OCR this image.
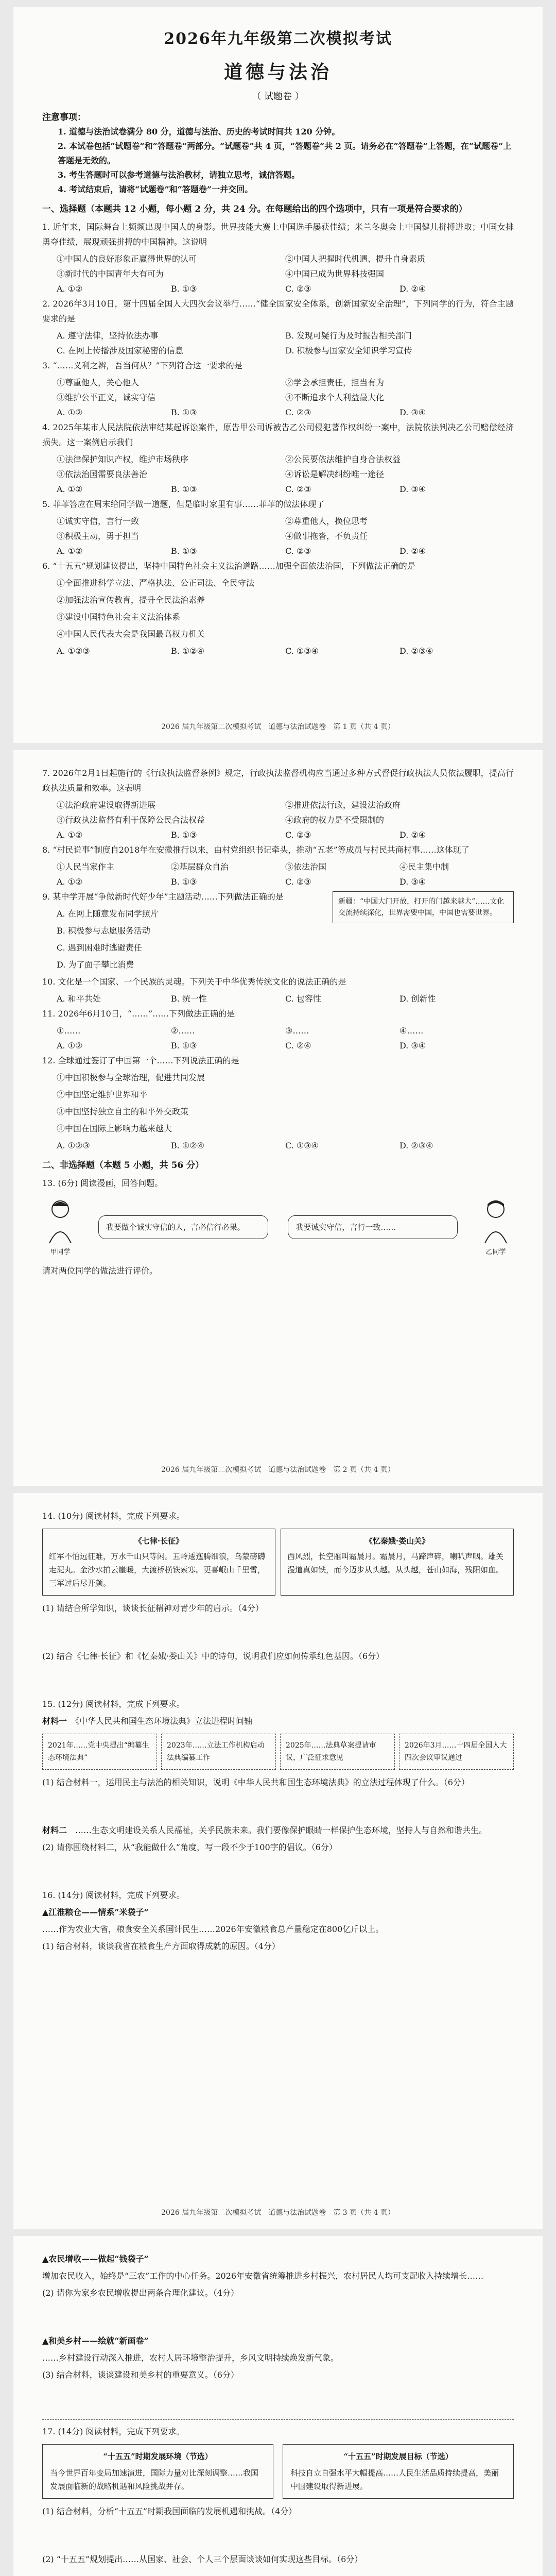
2026年九年级第二次模拟考试
道德与法治
（ 试题卷 ）
注意事项：
1. 道德与法治试卷满分 80 分，道德与法治、历史的考试时间共 120 分钟。
2. 本试卷包括“试题卷”和“答题卷”两部分。“试题卷”共 4 页，“答题卷”共 2 页。请务必在“答题卷”上答题，在“试题卷”上答题是无效的。
3. 考生答题时可以参考道德与法治教材，请独立思考，诚信答题。
4. 考试结束后，请将“试题卷”和“答题卷”一并交回。
一、选择题（本题共 12 小题，每小题 2 分，共 24 分。在每题给出的四个选项中，只有一项是符合要求的）
1. 近年来，国际舞台上频频出现中国人的身影。世界技能大赛上中国选手屡获佳绩；米兰冬奥会上中国健儿拼搏进取；中国女排勇夺佳绩，展现顽强拼搏的中国精神。这说明
①中国人的良好形象正赢得世界的认可	②中国人把握时代机遇、提升自身素质
③新时代的中国青年大有可为	④中国已成为世界科技强国
A. ①②	B. ①③	C. ②③	D. ②④
2. 2026年3月10日，第十四届全国人大四次会议举行……“健全国家安全体系，创新国家安全治理”，下列同学的行为，符合主题要求的是
A. 遵守法律，坚持依法办事	B. 发现可疑行为及时报告相关部门
C. 在网上传播涉及国家秘密的信息	D. 积极参与国家安全知识学习宣传
3. “……义利之辨，吾当何从？”下列符合这一要求的是
①尊重他人，关心他人	②学会承担责任，担当有为
③维护公平正义，诚实守信	④不断追求个人利益最大化
A. ①②	B. ①③	C. ②③	D. ③④
4. 2025年某市人民法院依法审结某起诉讼案件，原告甲公司诉被告乙公司侵犯著作权纠纷一案中，法院依法判决乙公司赔偿经济损失。这一案例启示我们
①法律保护知识产权，维护市场秩序	②公民要依法维护自身合法权益
③依法治国需要良法善治	④诉讼是解决纠纷唯一途径
A. ①②	B. ①③	C. ②③	D. ③④
5. 菲菲答应在周末给同学做一道题，但是临时家里有事……菲菲的做法体现了
①诚实守信，言行一致	②尊重他人，换位思考
③积极主动，勇于担当	④做事拖沓，不负责任
A. ①②	B. ①③	C. ②③	D. ②④
6. “十五五”规划建议提出，坚持中国特色社会主义法治道路……加强全面依法治国，下列做法正确的是
①全面推进科学立法、严格执法、公正司法、全民守法
②加强法治宣传教育，提升全民法治素养
③建设中国特色社会主义法治体系
④中国人民代表大会是我国最高权力机关
A. ①②③	B. ①②④	C. ①③④	D. ②③④
2026 届九年级第二次模拟考试　道德与法治试题卷　第 1 页（共 4 页）
7. 2026年2月1日起施行的《行政执法监督条例》规定，行政执法监督机构应当通过多种方式督促行政执法人员依法履职，提高行政执法质量和效率。这表明
①法治政府建设取得新进展	②推进依法行政，建设法治政府
③行政执法监督有利于保障公民合法权益	④政府的权力是不受限制的
A. ①②	B. ①③	C. ②③	D. ②④
8. “村民说事”制度自2018年在安徽推行以来，由村党组织书记牵头，推动“五老”等成员与村民共商村事……这体现了
①人民当家作主	②基层群众自治	③依法治国	④民主集中制
A. ①②	B. ①③	C. ②③	D. ③④
新疆：“中国大门开放，打开的门越来越大”……文化交流持续深化，世界需要中国，中国也需要世界。
9. 某中学开展“争做新时代好少年”主题活动……下列做法正确的是
A. 在网上随意发布同学照片
B. 积极参与志愿服务活动
C. 遇到困难时逃避责任
D. 为了面子攀比消费
10. 文化是一个国家、一个民族的灵魂。下列关于中华优秀传统文化的说法正确的是
A. 和平共处	B. 统一性	C. 包容性	D. 创新性
11. 2026年6月10日，“……”……下列做法正确的是
①……	②……	③……	④……
A. ①②	B. ①③	C. ②④	D. ③④
12. 全球通过签订了中国第一个……下列说法正确的是
①中国积极参与全球治理，促进共同发展
②中国坚定维护世界和平
③中国坚持独立自主的和平外交政策
④中国在国际上影响力越来越大
A. ①②③	B. ①②④	C. ①③④	D. ②③④
二、非选择题（本题 5 小题，共 56 分）
13. (6分) 阅读漫画，回答问题。
甲同学
我要做个诚实守信的人，言必信行必果。	我要诚实守信，言行一致……
乙同学
请对两位同学的做法进行评价。
2026 届九年级第二次模拟考试　道德与法治试题卷　第 2 页（共 4 页）
14. (10分) 阅读材料，完成下列要求。
《七律·长征》
红军不怕远征难，万水千山只等闲。五岭逶迤腾细浪，乌蒙磅礴走泥丸。金沙水拍云崖暖，大渡桥横铁索寒。更喜岷山千里雪，三军过后尽开颜。
《忆秦娥·娄山关》
西风烈，长空雁叫霜晨月。霜晨月，马蹄声碎，喇叭声咽。雄关漫道真如铁，而今迈步从头越。从头越，苍山如海，残阳如血。
(1) 请结合所学知识，谈谈长征精神对青少年的启示。（4分）
(2) 结合《七律·长征》和《忆秦娥·娄山关》中的诗句，说明我们应如何传承红色基因。（6分）
15. (12分) 阅读材料，完成下列要求。
材料一　 《中华人民共和国生态环境法典》立法进程时间轴
2021年……党中央提出“编纂生态环境法典”
2023年……立法工作机构启动法典编纂工作
2025年……法典草案提请审议，广泛征求意见
2026年3月……十四届全国人大四次会议审议通过
(1) 结合材料一，运用民主与法治的相关知识，说明《中华人民共和国生态环境法典》的立法过程体现了什么。（6分）
材料二　 ……生态文明建设关系人民福祉，关乎民族未来。我们要像保护眼睛一样保护生态环境，坚持人与自然和谐共生。
(2) 请你围绕材料二，从“我能做什么”角度，写一段不少于100字的倡议。（6分）
16. (14分) 阅读材料，完成下列要求。
▲江淮粮仓——情系“米袋子”
……作为农业大省，粮食安全关系国计民生……2026年安徽粮食总产量稳定在800亿斤以上。
(1) 结合材料，谈谈我省在粮食生产方面取得成就的原因。（4分）
2026 届九年级第二次模拟考试　道德与法治试题卷　第 3 页（共 4 页）
▲农民增收——做起“钱袋子”
增加农民收入，始终是“三农”工作的中心任务。2026年安徽省统筹推进乡村振兴，农村居民人均可支配收入持续增长……
(2) 请你为家乡农民增收提出两条合理化建议。（4分）
▲和美乡村——绘就“新画卷”
……乡村建设行动深入推进，农村人居环境整治提升，乡风文明持续焕发新气象。
(3) 结合材料，谈谈建设和美乡村的重要意义。（6分）
17. (14分) 阅读材料，完成下列要求。
“十五五”时期发展环境（节选）
当今世界百年变局加速演进，国际力量对比深刻调整……我国发展面临新的战略机遇和风险挑战并存。
“十五五”时期发展目标（节选）
科技自立自强水平大幅提高……人民生活品质持续提高，美丽中国建设取得新进展。
(1) 结合材料，分析“十五五”时期我国面临的发展机遇和挑战。（4分）
(2) “十五五”规划提出……从国家、社会、个人三个层面谈谈如何实现这些目标。（6分）
